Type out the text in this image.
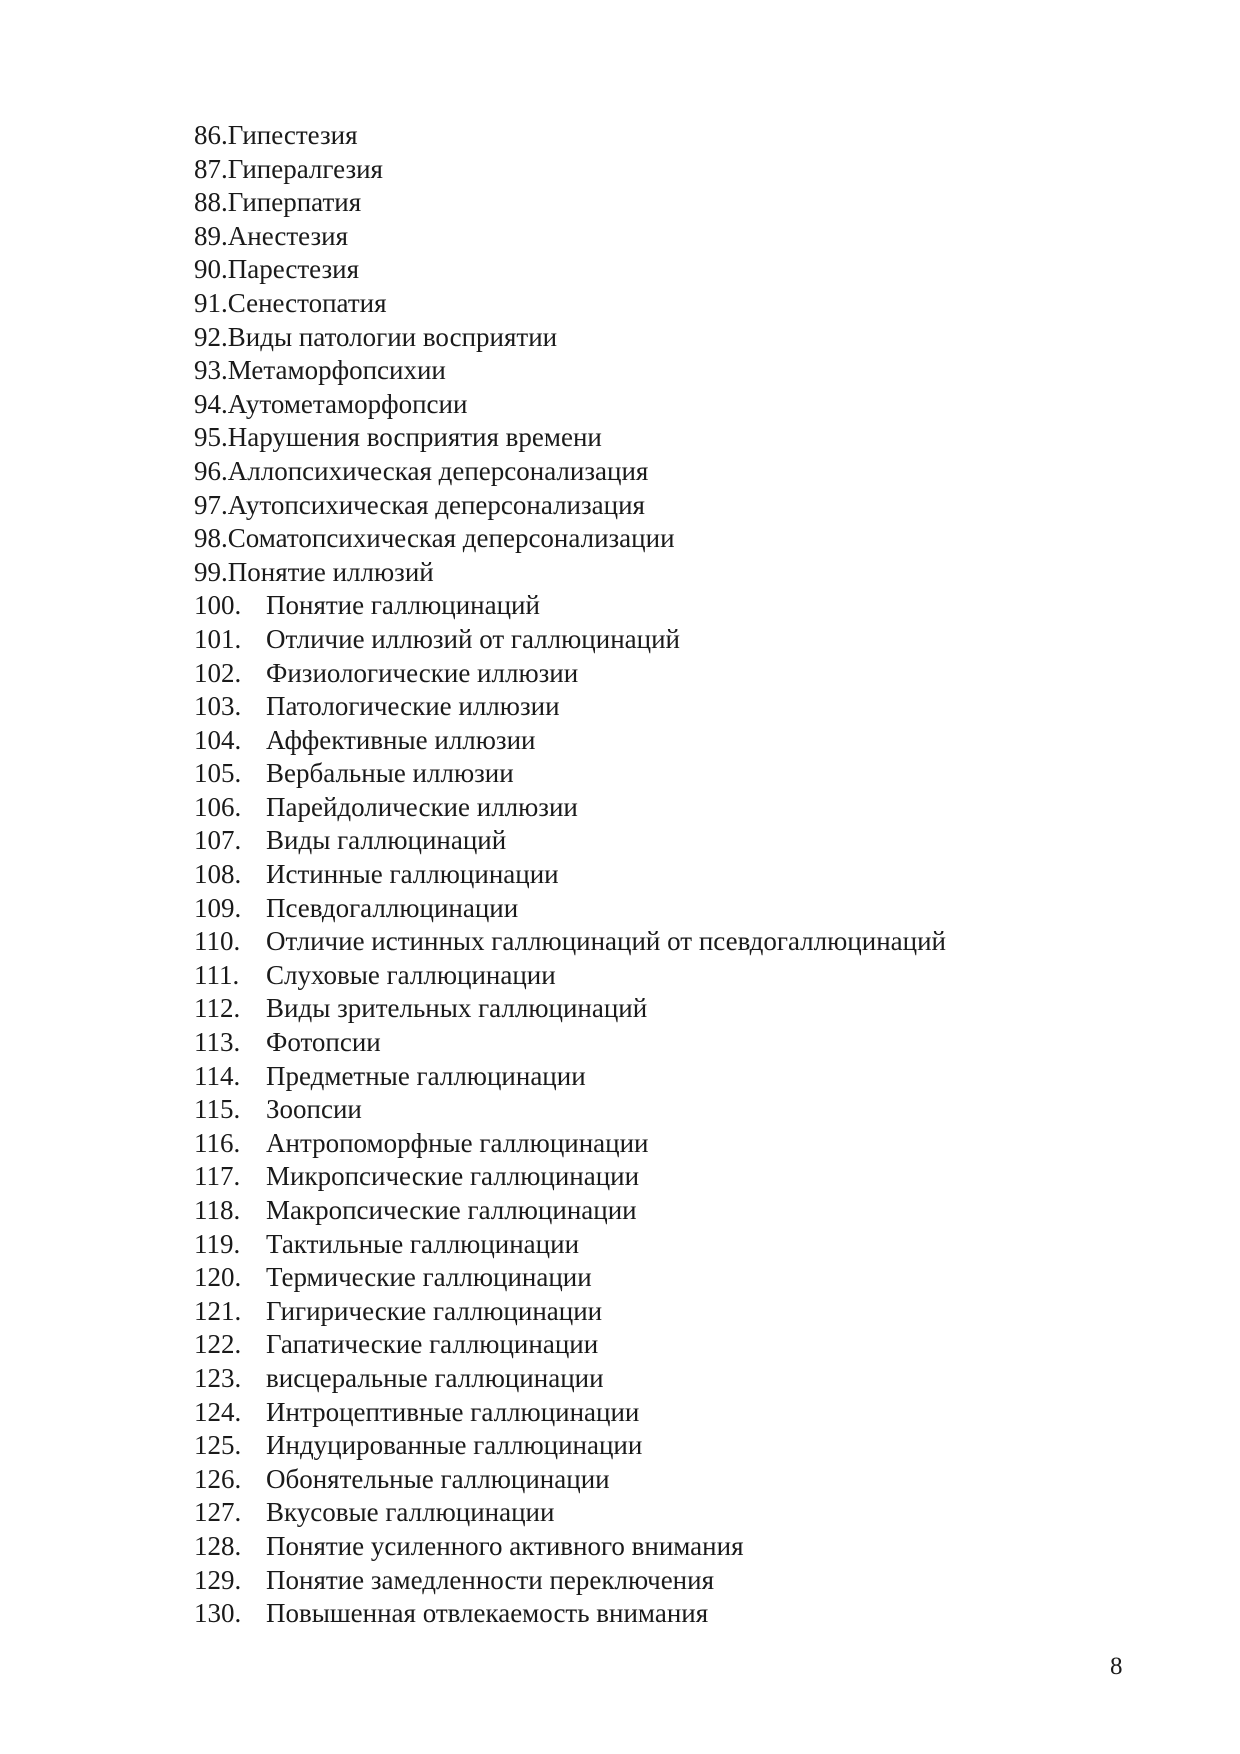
86.Гипестезия
87.Гипералгезия
88.Гиперпатия
89.Анестезия
90.Парестезия
91.Сенестопатия
92.Виды патологии восприятии
93.Метаморфопсихии
94.Аутометаморфопсии
95.Нарушения восприятия времени
96.Аллопсихическая деперсонализация
97.Аутопсихическая деперсонализация
98.Соматопсихическая деперсонализации
99.Понятие иллюзий
100. Понятие галлюцинаций
101. Отличие иллюзий от галлюцинаций
102. Физиологические иллюзии
103. Патологические иллюзии
104. Аффективные иллюзии
105. Вербальные иллюзии
106. Парейдолические иллюзии
107. Виды галлюцинаций
108. Истинные галлюцинации
109. Псевдогаллюцинации
110. Отличие истинных галлюцинаций от псевдогаллюцинаций
111. Слуховые галлюцинации
112. Виды зрительных галлюцинаций
113. Фотопсии
114. Предметные галлюцинации
115. Зоопсии
116. Антропоморфные галлюцинации
117. Микропсические галлюцинации
118. Макропсические галлюцинации
119. Тактильные галлюцинации
120. Термические галлюцинации
121. Гигирические галлюцинации
122. Гапатические галлюцинации
123. висцеральные галлюцинации
124. Интроцептивные галлюцинации
125. Индуцированные галлюцинации
126. Обонятельные галлюцинации
127. Вкусовые галлюцинации
128. Понятие усиленного активного внимания
129. Понятие замедленности переключения
130. Повышенная отвлекаемость внимания
8
